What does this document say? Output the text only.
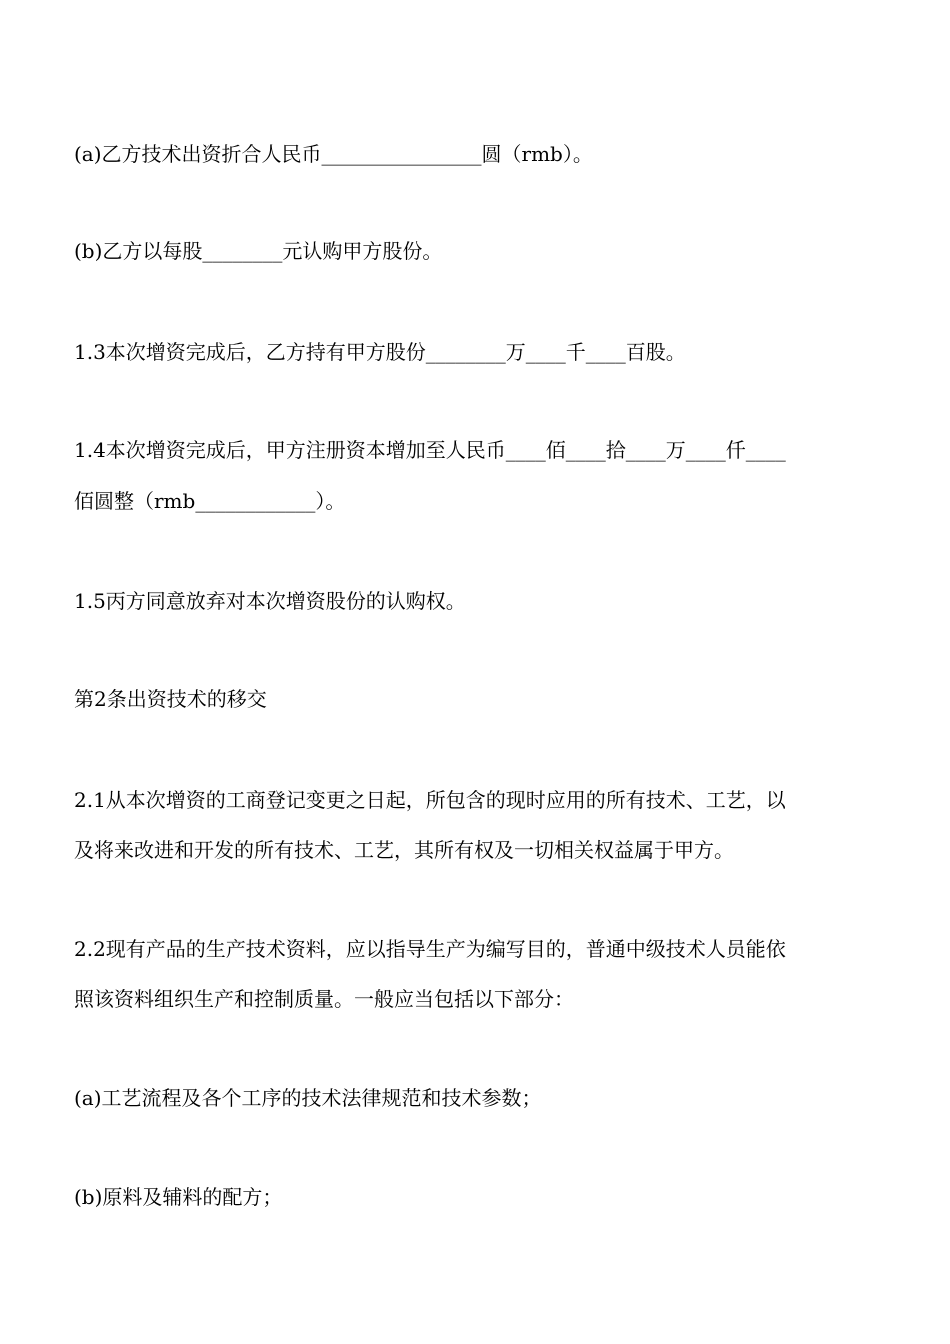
(a)乙方技术出资折合人民币________________圆（rmb）。
(b)乙方以每股________元认购甲方股份。
1.3本次增资完成后，乙方持有甲方股份________万____千____百股。
1.4本次增资完成后，甲方注册资本增加至人民币____佰____拾____万____仟____
佰圆整（rmb____________）。
1.5丙方同意放弃对本次增资股份的认购权。
第2条出资技术的移交
2.1从本次增资的工商登记变更之日起，所包含的现时应用的所有技术、工艺，以
及将来改进和开发的所有技术、工艺，其所有权及一切相关权益属于甲方。
2.2现有产品的生产技术资料，应以指导生产为编写目的，普通中级技术人员能依
照该资料组织生产和控制质量。一般应当包括以下部分：
(a)工艺流程及各个工序的技术法律规范和技术参数；
(b)原料及辅料的配方；
